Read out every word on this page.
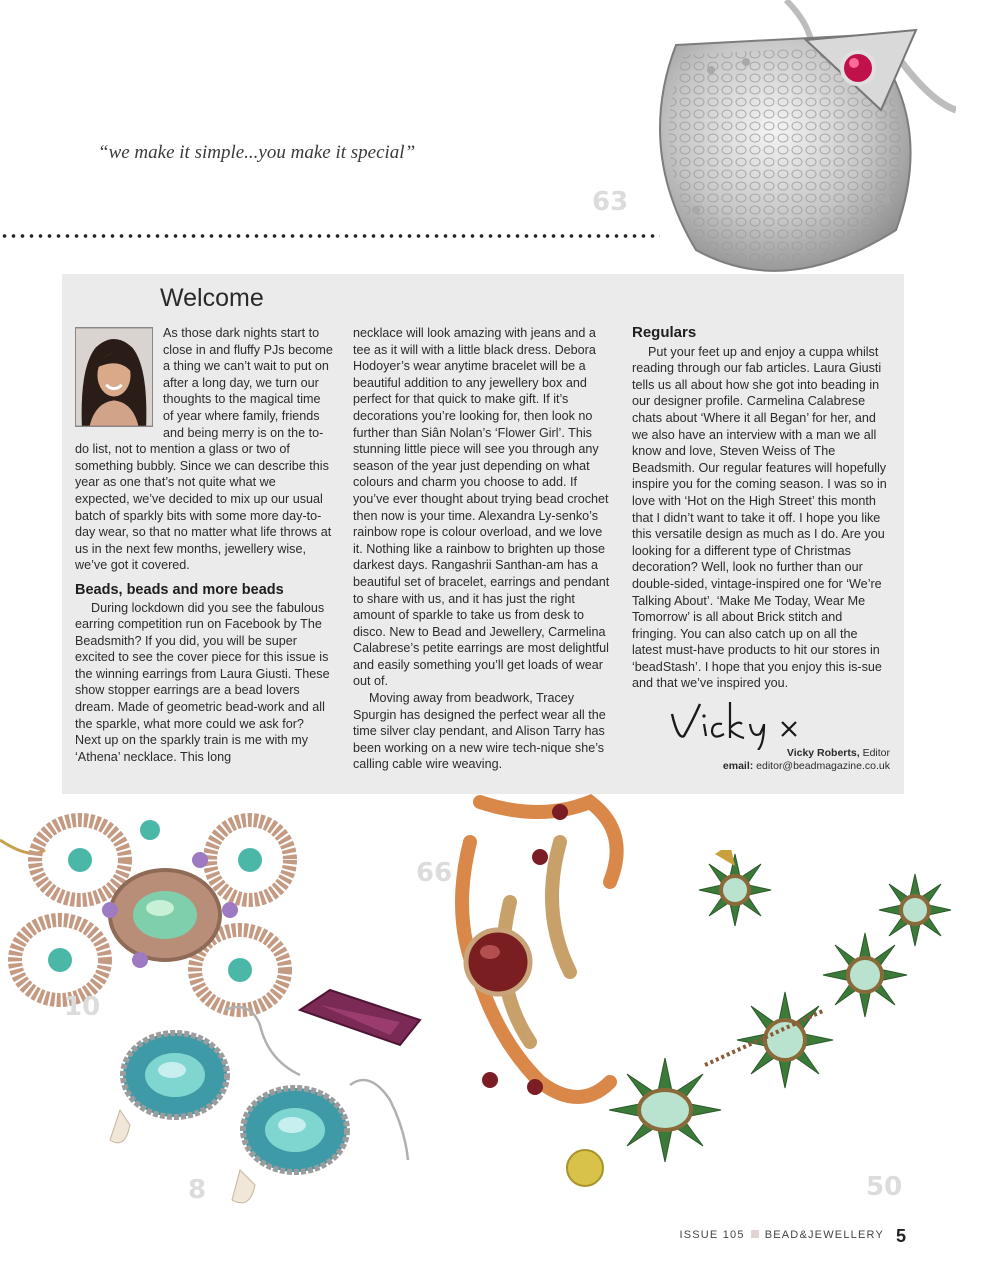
“we make it simple...you make it special”
63
Welcome

As those dark nights start to close in and fluffy PJs become a thing we can’t wait to put on after a long day, we turn our thoughts to the magical time of year where family, friends and being merry is on the to-do list, not to mention a glass or two of something bubbly. Since we can describe this year as one that’s not quite what we expected, we’ve decided to mix up our usual batch of sparkly bits with some more day-to-day wear, so that no matter what life throws at us in the next few months, jewellery wise, we’ve got it covered.

Beads, beads and more beads

During lockdown did you see the fabulous earring competition run on Facebook by The Beadsmith? If you did, you will be super excited to see the cover piece for this issue is the winning earrings from Laura Giusti. These show stopper earrings are a bead lovers dream. Made of geometric bead-work and all the sparkle, what more could we ask for? Next up on the sparkly train is me with my ‘Athena’ necklace. This long

necklace will look amazing with jeans and a tee as it will with a little black dress. Debora Hodoyer’s wear anytime bracelet will be a beautiful addition to any jewellery box and perfect for that quick to make gift. If it’s decorations you’re looking for, then look no further than Siân Nolan’s ‘Flower Girl’. This stunning little piece will see you through any season of the year just depending on what colours and charm you choose to add. If you’ve ever thought about trying bead crochet then now is your time. Alexandra Ly-senko’s rainbow rope is colour overload, and we love it. Nothing like a rainbow to brighten up those darkest days. Rangashrii Santhan-am has a beautiful set of bracelet, earrings and pendant to share with us, and it has just the right amount of sparkle to take us from desk to disco. New to Bead and Jewellery, Carmelina Calabrese’s petite earrings are most delightful and easily something you’ll get loads of wear out of.

Moving away from beadwork, Tracey Spurgin has designed the perfect wear all the time silver clay pendant, and Alison Tarry has been working on a new wire tech-nique she’s calling cable wire weaving.

Regulars

Put your feet up and enjoy a cuppa whilst reading through our fab articles. Laura Giusti tells us all about how she got into beading in our designer profile. Carmelina Calabrese chats about ‘Where it all Began’ for her, and we also have an interview with a man we all know and love, Steven Weiss of The Beadsmith. Our regular features will hopefully inspire you for the coming season. I was so in love with ‘Hot on the High Street’ this month that I didn’t want to take it off. I hope you like this versatile design as much as I do. Are you looking for a different type of Christmas decoration? Well, look no further than our double-sided, vintage-inspired one for ‘We’re Talking About’. ‘Make Me Today, Wear Me Tomorrow’ is all about Brick stitch and fringing. You can also catch up on all the latest must-have products to hit our stores in ‘beadStash’. I hope that you enjoy this is-sue and that we’ve inspired you.

Vicky Roberts, Editor
email: editor@beadmagazine.co.uk
10
8
66
50
ISSUE 105 BEAD&JEWELLERY 5
